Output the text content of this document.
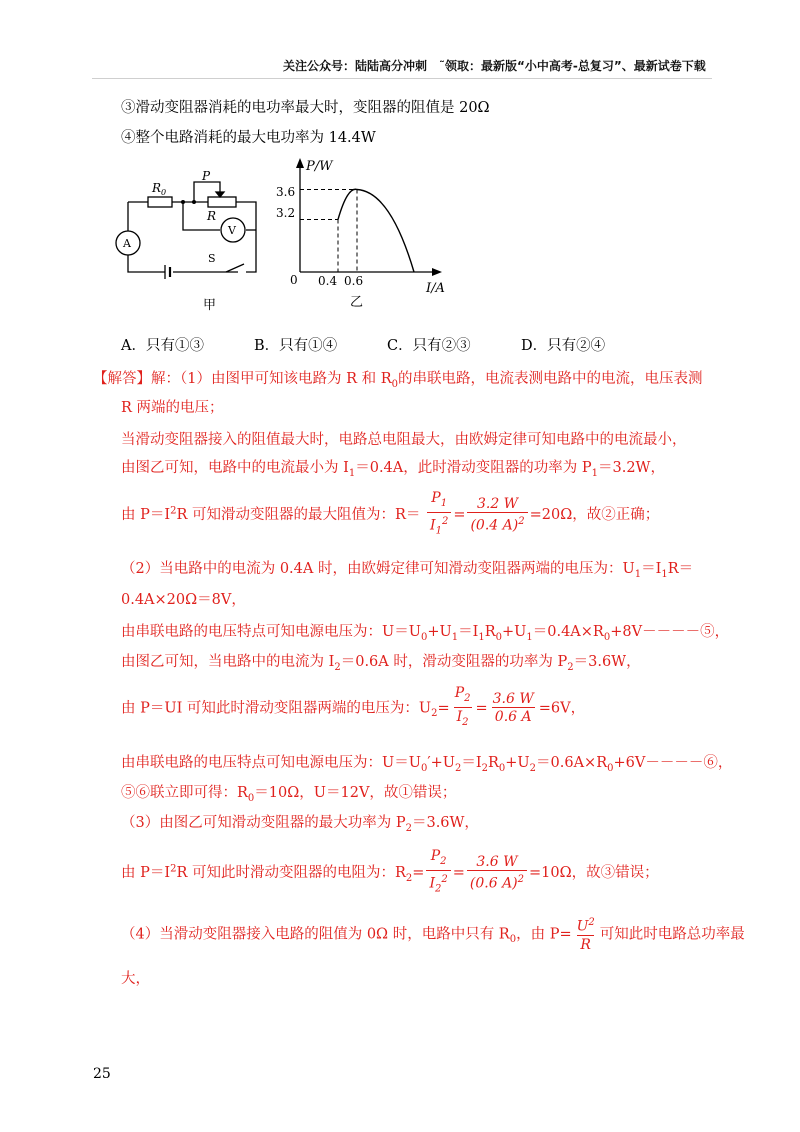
关注公众号：陆陆高分冲刺　˜领取：最新版“小中高考-总复习”、最新试卷下载
③滑动变阻器消耗的电功率最大时，变阻器的阻值是 20Ω
④整个电路消耗的最大电功率为 14.4W
R 0
P
R
A
V
S
甲
P/W
I/A
0
3.6
3.2
0.4 0.6
乙
A．只有①③	B．只有①④	C．只有②③	D．只有②④
【解答】解：（1）由图甲可知该电路为 R 和 $R_0$的串联电路，电流表测电路中的电流，电压表测
R 两端的电压；
当滑动变阻器接入的阻值最大时，电路总电阻最大，由欧姆定律可知电路中的电流最小，
由图乙可知，电路中的电流最小为 $I_1=0.4A$，此时滑动变阻器的功率为 $P_1=3.2W$，
由 $P=I^2R$ 可知滑动变阻器的最大阻值为：$R= \frac{P_1}{I_1^2} = \frac{3.2 W}{(0.4 A)^2} =20\Omega$，故②正确；
（2）当电路中的电流为 0.4A 时，由欧姆定律可知滑动变阻器两端的电压为：$U_1=I_1R=$
0.4A×20Ω＝8V，
由串联电路的电压特点可知电源电压为：$U=U_0+U_1=I_1R_0+U_1=0.4A\times R_0+8V----⑤$，
由图乙可知，当电路中的电流为 $I_2=0.6A$ 时，滑动变阻器的功率为 $P_2=3.6W$，
由 P＝UI 可知此时滑动变阻器两端的电压为：$U_2= \frac{P_2}{I_2} = \frac{3.6 W}{0.6 A} =6V$，
由串联电路的电压特点可知电源电压为：$U=U_0'+U_2=I_2R_0+U_2=0.6A\times R_0+6V----⑥$，
⑤⑥联立即可得：$R_0=10\Omega$，U＝12V，故①错误；
（3）由图乙可知滑动变阻器的最大功率为 $P_2=3.6W$，
由 $P=I^2R$ 可知此时滑动变阻器的电阻为：$R_2= \frac{P_2}{I_2^2} = \frac{3.6 W}{(0.6 A)^2} =10\Omega$，故③错误；
（4）当滑动变阻器接入电路的阻值为 0Ω 时，电路中只有 $R_0$，由 $P= \frac{U^2}{R}$ 可知此时电路总功率最
大，
25
